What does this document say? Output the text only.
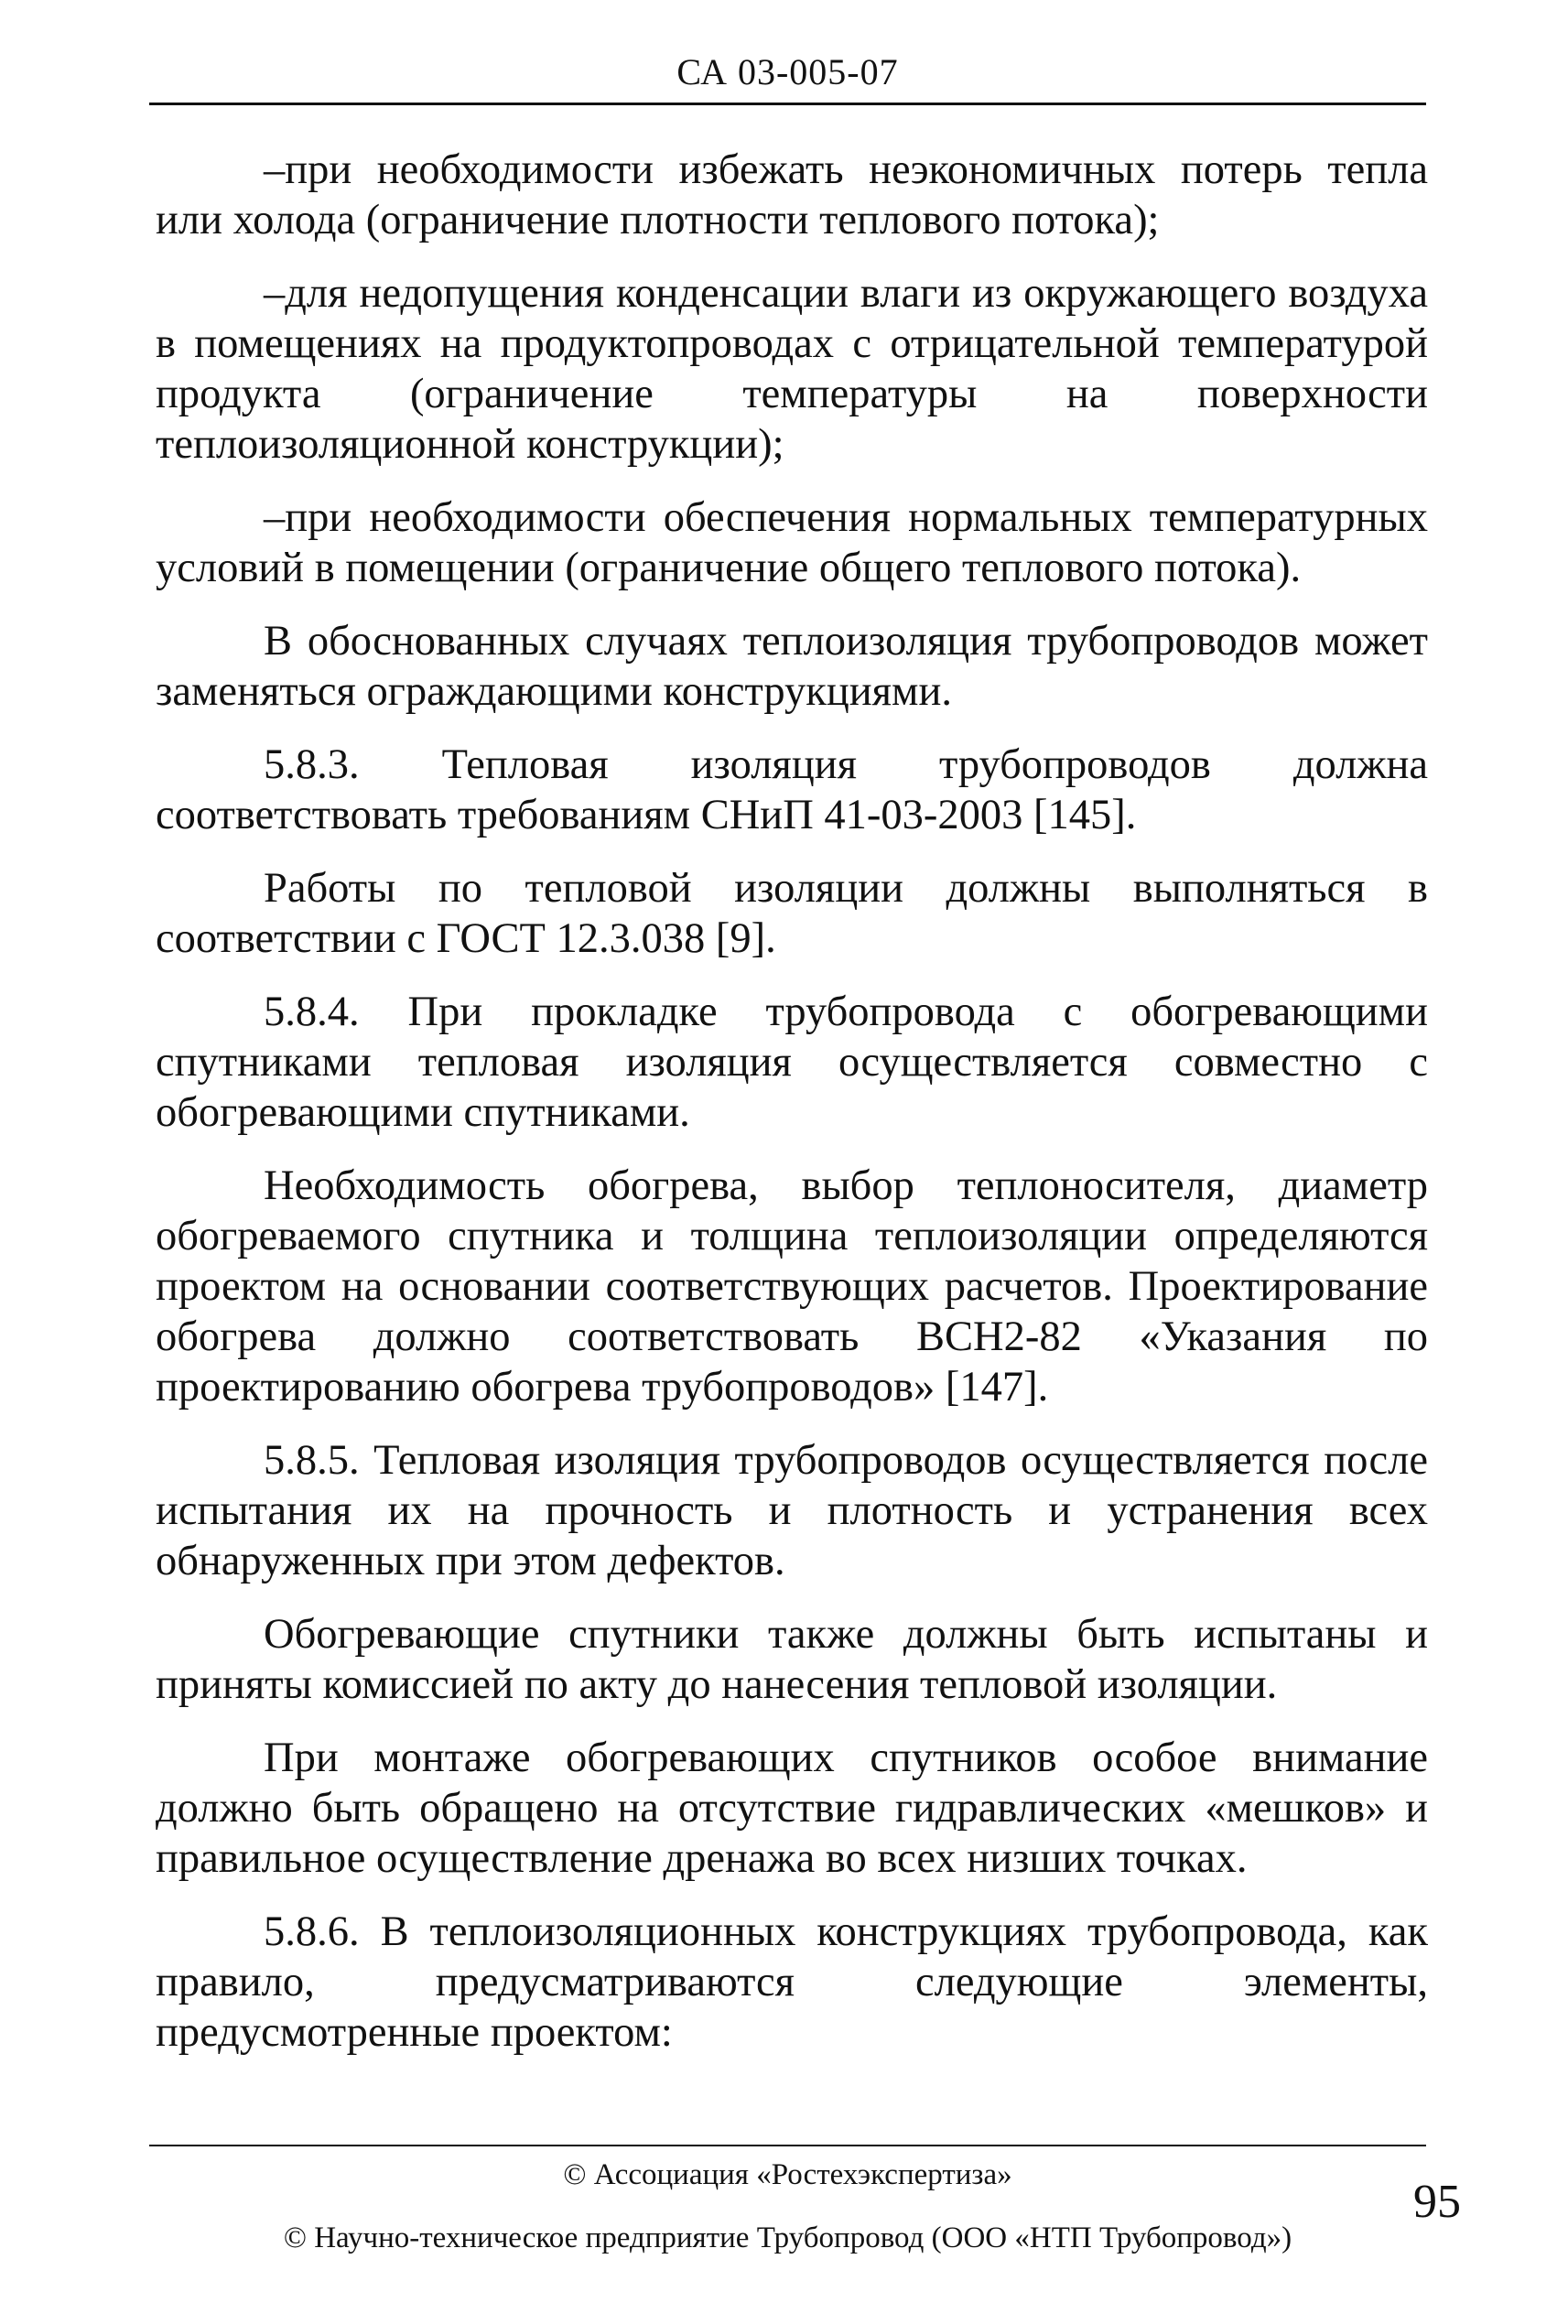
СА 03-005-07

–при необходимости избежать неэкономичных потерь тепла или холода (ограничение плотности теплового потока);

–для недопущения конденсации влаги из окружающего воздуха в помещениях на продуктопроводах с отрицательной температурой продукта (ограничение температуры на поверхности теплоизоляционной конструкции);

–при необходимости обеспечения нормальных температурных условий в помещении (ограничение общего теплового потока).

В обоснованных случаях теплоизоляция трубопроводов может заменяться ограждающими конструкциями.

5.8.3. Тепловая изоляция трубопроводов должна соответствовать требованиям СНиП 41-03-2003 [145].

Работы по тепловой изоляции должны выполняться в соответствии с ГОСТ 12.3.038 [9].

5.8.4. При прокладке трубопровода с обогревающими спутниками тепловая изоляция осуществляется совместно с обогревающими спутниками.

Необходимость обогрева, выбор теплоносителя, диаметр обогреваемого спутника и толщина теплоизоляции определяются проектом на основании соответствующих расчетов. Проектирование обогрева должно соответствовать ВСН2-82 «Указания по проектированию обогрева трубопроводов» [147].

5.8.5. Тепловая изоляция трубопроводов осуществляется после испытания их на прочность и плотность и устранения всех обнаруженных при этом дефектов.

Обогревающие спутники также должны быть испытаны и приняты комиссией по акту до нанесения тепловой изоляции.

При монтаже обогревающих спутников особое внимание должно быть обращено на отсутствие гидравлических «мешков» и правильное осуществление дренажа во всех низших точках.

5.8.6. В теплоизоляционных конструкциях трубопровода, как правило, предусматриваются следующие элементы, предусмотренные проектом:

© Ассоциация «Ростехэкспертиза»
© Научно-техническое предприятие Трубопровод (ООО «НТП Трубопровод»)
95
